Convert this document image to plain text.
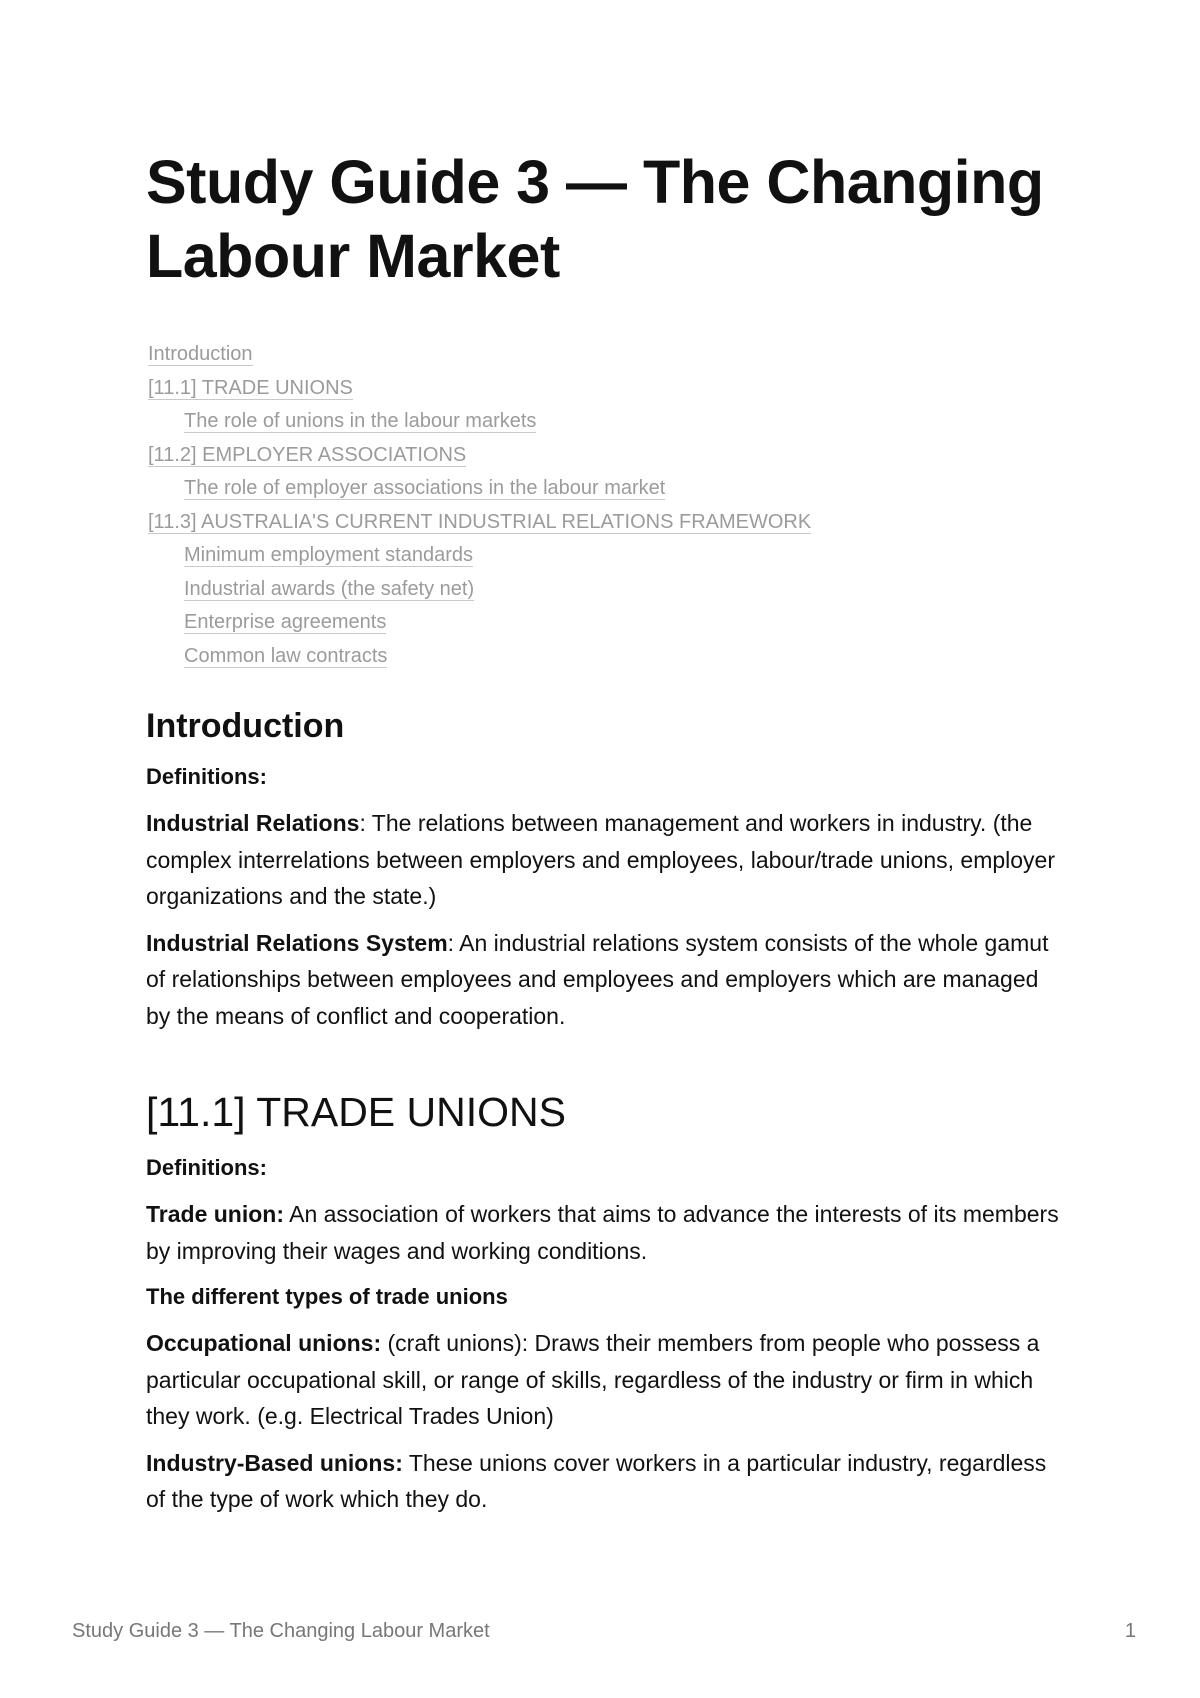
Study Guide 3 — The Changing Labour Market
Introduction
[11.1] TRADE UNIONS
The role of unions in the labour markets
[11.2] EMPLOYER ASSOCIATIONS
The role of employer associations in the labour market
[11.3] AUSTRALIA'S CURRENT INDUSTRIAL RELATIONS FRAMEWORK
Minimum employment standards
Industrial awards (the safety net)
Enterprise agreements
Common law contracts
Introduction
Definitions:

Industrial Relations: The relations between management and workers in industry. (the complex interrelations between employers and employees, labour/trade unions, employer organizations and the state.)

Industrial Relations System: An industrial relations system consists of the whole gamut of relationships between employees and employees and employers which are managed by the means of conflict and cooperation.

[11.1] TRADE UNIONS
Definitions:

Trade union: An association of workers that aims to advance the interests of its members by improving their wages and working conditions.

The different types of trade unions

Occupational unions: (craft unions): Draws their members from people who possess a particular occupational skill, or range of skills, regardless of the industry or firm in which they work. (e.g. Electrical Trades Union)

Industry-Based unions: These unions cover workers in a particular industry, regardless of the type of work which they do.

Study Guide 3 — The Changing Labour Market	1
